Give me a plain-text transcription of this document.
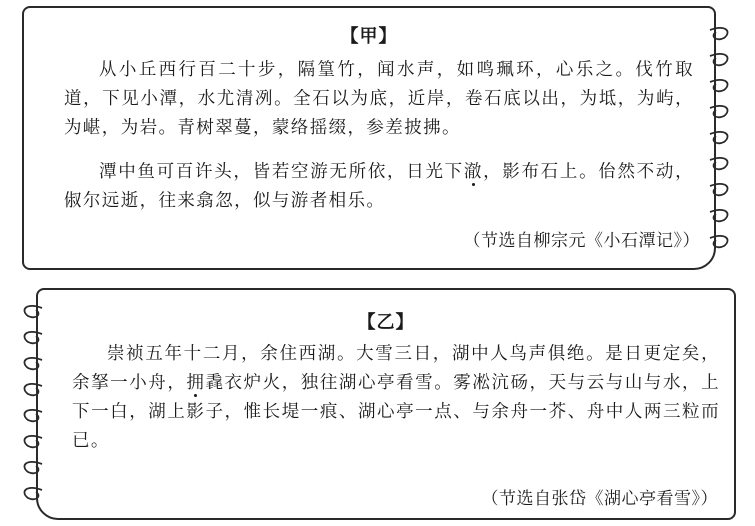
【甲】

从小丘西行百二十步，隔篁竹，闻水声，如鸣珮环，心乐之。伐竹取道，下见小潭，水尤清冽。全石以为底，近岸，卷石底以出，为坻，为屿，为嵁，为岩。青树翠蔓，蒙络摇缀，参差披拂。

潭中鱼可百许头，皆若空游无所依，日光下澈，影布石上。佁然不动，俶尔远逝，往来翕忽，似与游者相乐。

（节选自柳宗元《小石潭记》）
【乙】

崇祯五年十二月，余住西湖。大雪三日，湖中人鸟声俱绝。是日更定矣，余拏一小舟，拥毳衣炉火，独往湖心亭看雪。雾凇沆砀，天与云与山与水，上下一白，湖上影子，惟长堤一痕、湖心亭一点、与余舟一芥、舟中人两三粒而已。

（节选自张岱《湖心亭看雪》）
